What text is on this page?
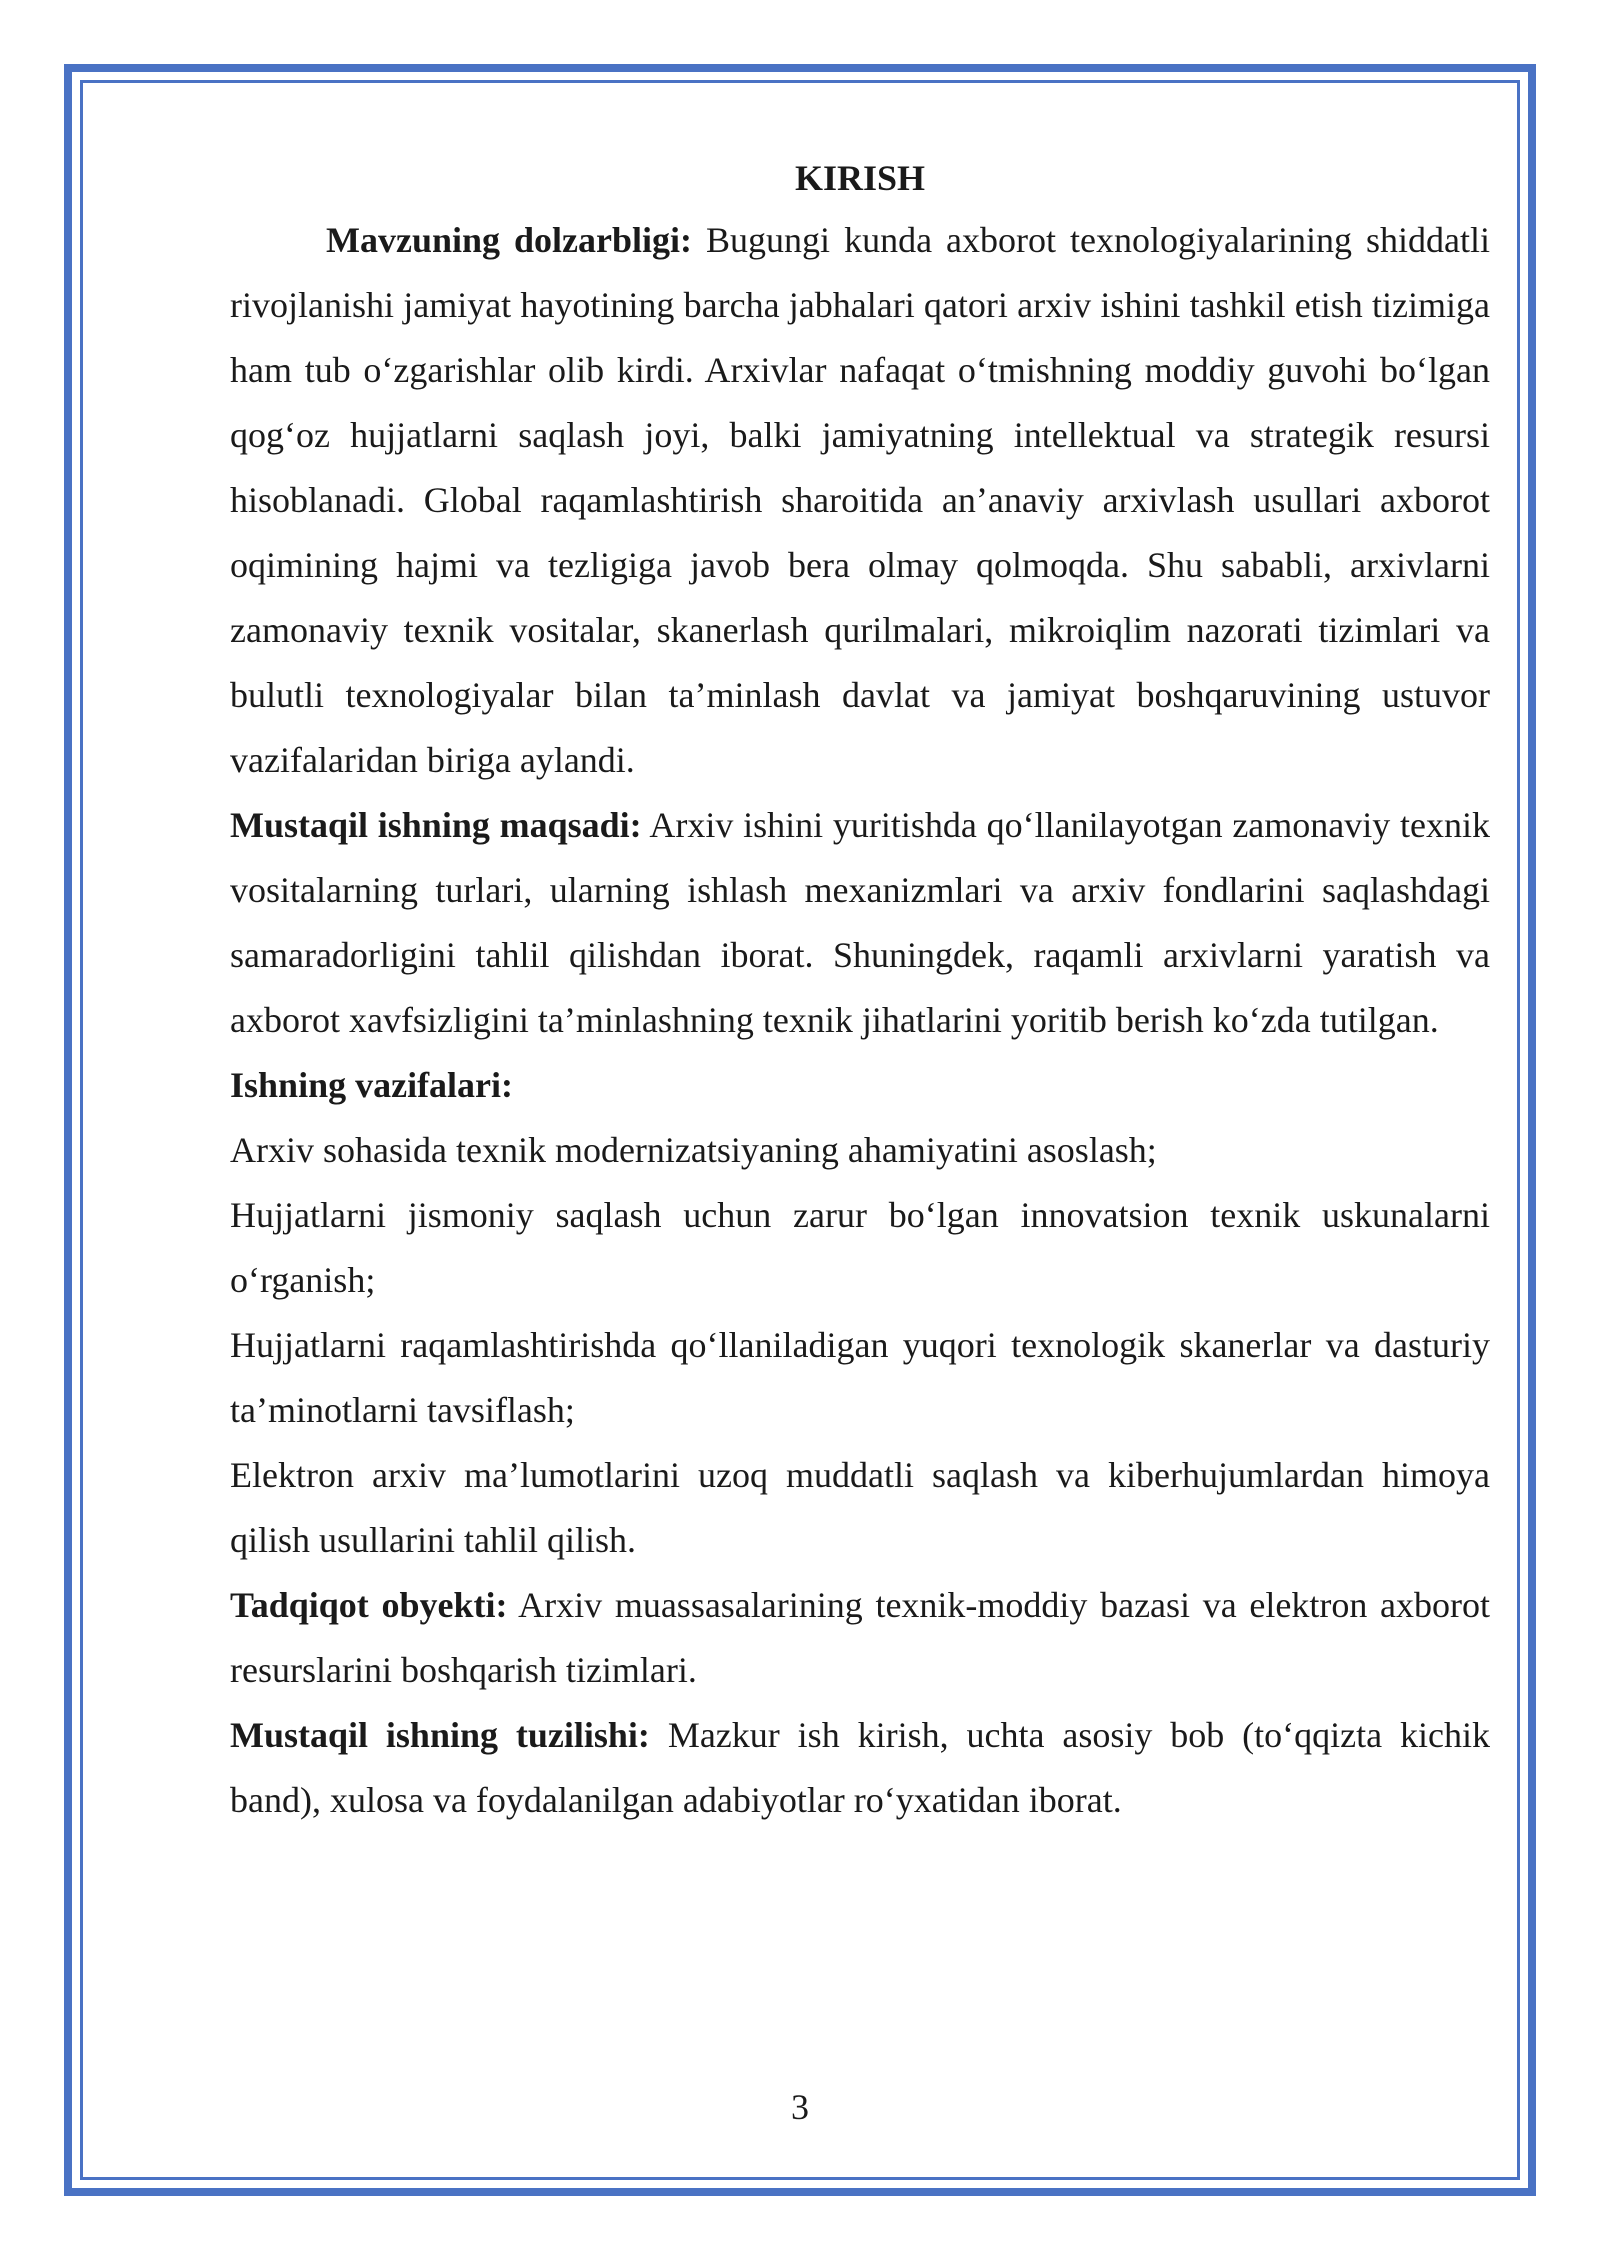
KIRISH

Mavzuning dolzarbligi: Bugungi kunda axborot texnologiyalarining shiddatli rivojlanishi jamiyat hayotining barcha jabhalari qatori arxiv ishini tashkil etish tizimiga ham tub o‘zgarishlar olib kirdi. Arxivlar nafaqat o‘tmishning moddiy guvohi bo‘lgan qog‘oz hujjatlarni saqlash joyi, balki jamiyatning intellektual va strategik resursi hisoblanadi. Global raqamlashtirish sharoitida an’anaviy arxivlash usullari axborot oqimining hajmi va tezligiga javob bera olmay qolmoqda. Shu sababli, arxivlarni zamonaviy texnik vositalar, skanerlash qurilmalari, mikroiqlim nazorati tizimlari va bulutli texnologiyalar bilan ta’minlash davlat va jamiyat boshqaruvining ustuvor vazifalaridan biriga aylandi.

Mustaqil ishning maqsadi: Arxiv ishini yuritishda qo‘llanilayotgan zamonaviy texnik vositalarning turlari, ularning ishlash mexanizmlari va arxiv fondlarini saqlashdagi samaradorligini tahlil qilishdan iborat. Shuningdek, raqamli arxivlarni yaratish va axborot xavfsizligini ta’minlashning texnik jihatlarini yoritib berish ko‘zda tutilgan.

Ishning vazifalari:

Arxiv sohasida texnik modernizatsiyaning ahamiyatini asoslash;

Hujjatlarni jismoniy saqlash uchun zarur bo‘lgan innovatsion texnik uskunalarni o‘rganish;

Hujjatlarni raqamlashtirishda qo‘llaniladigan yuqori texnologik skanerlar va dasturiy ta’minotlarni tavsiflash;

Elektron arxiv ma’lumotlarini uzoq muddatli saqlash va kiberhujumlardan himoya qilish usullarini tahlil qilish.

Tadqiqot obyekti: Arxiv muassasalarining texnik-moddiy bazasi va elektron axborot resurslarini boshqarish tizimlari.

Mustaqil ishning tuzilishi: Mazkur ish kirish, uchta asosiy bob (to‘qqizta kichik band), xulosa va foydalanilgan adabiyotlar ro‘yxatidan iborat.

3
